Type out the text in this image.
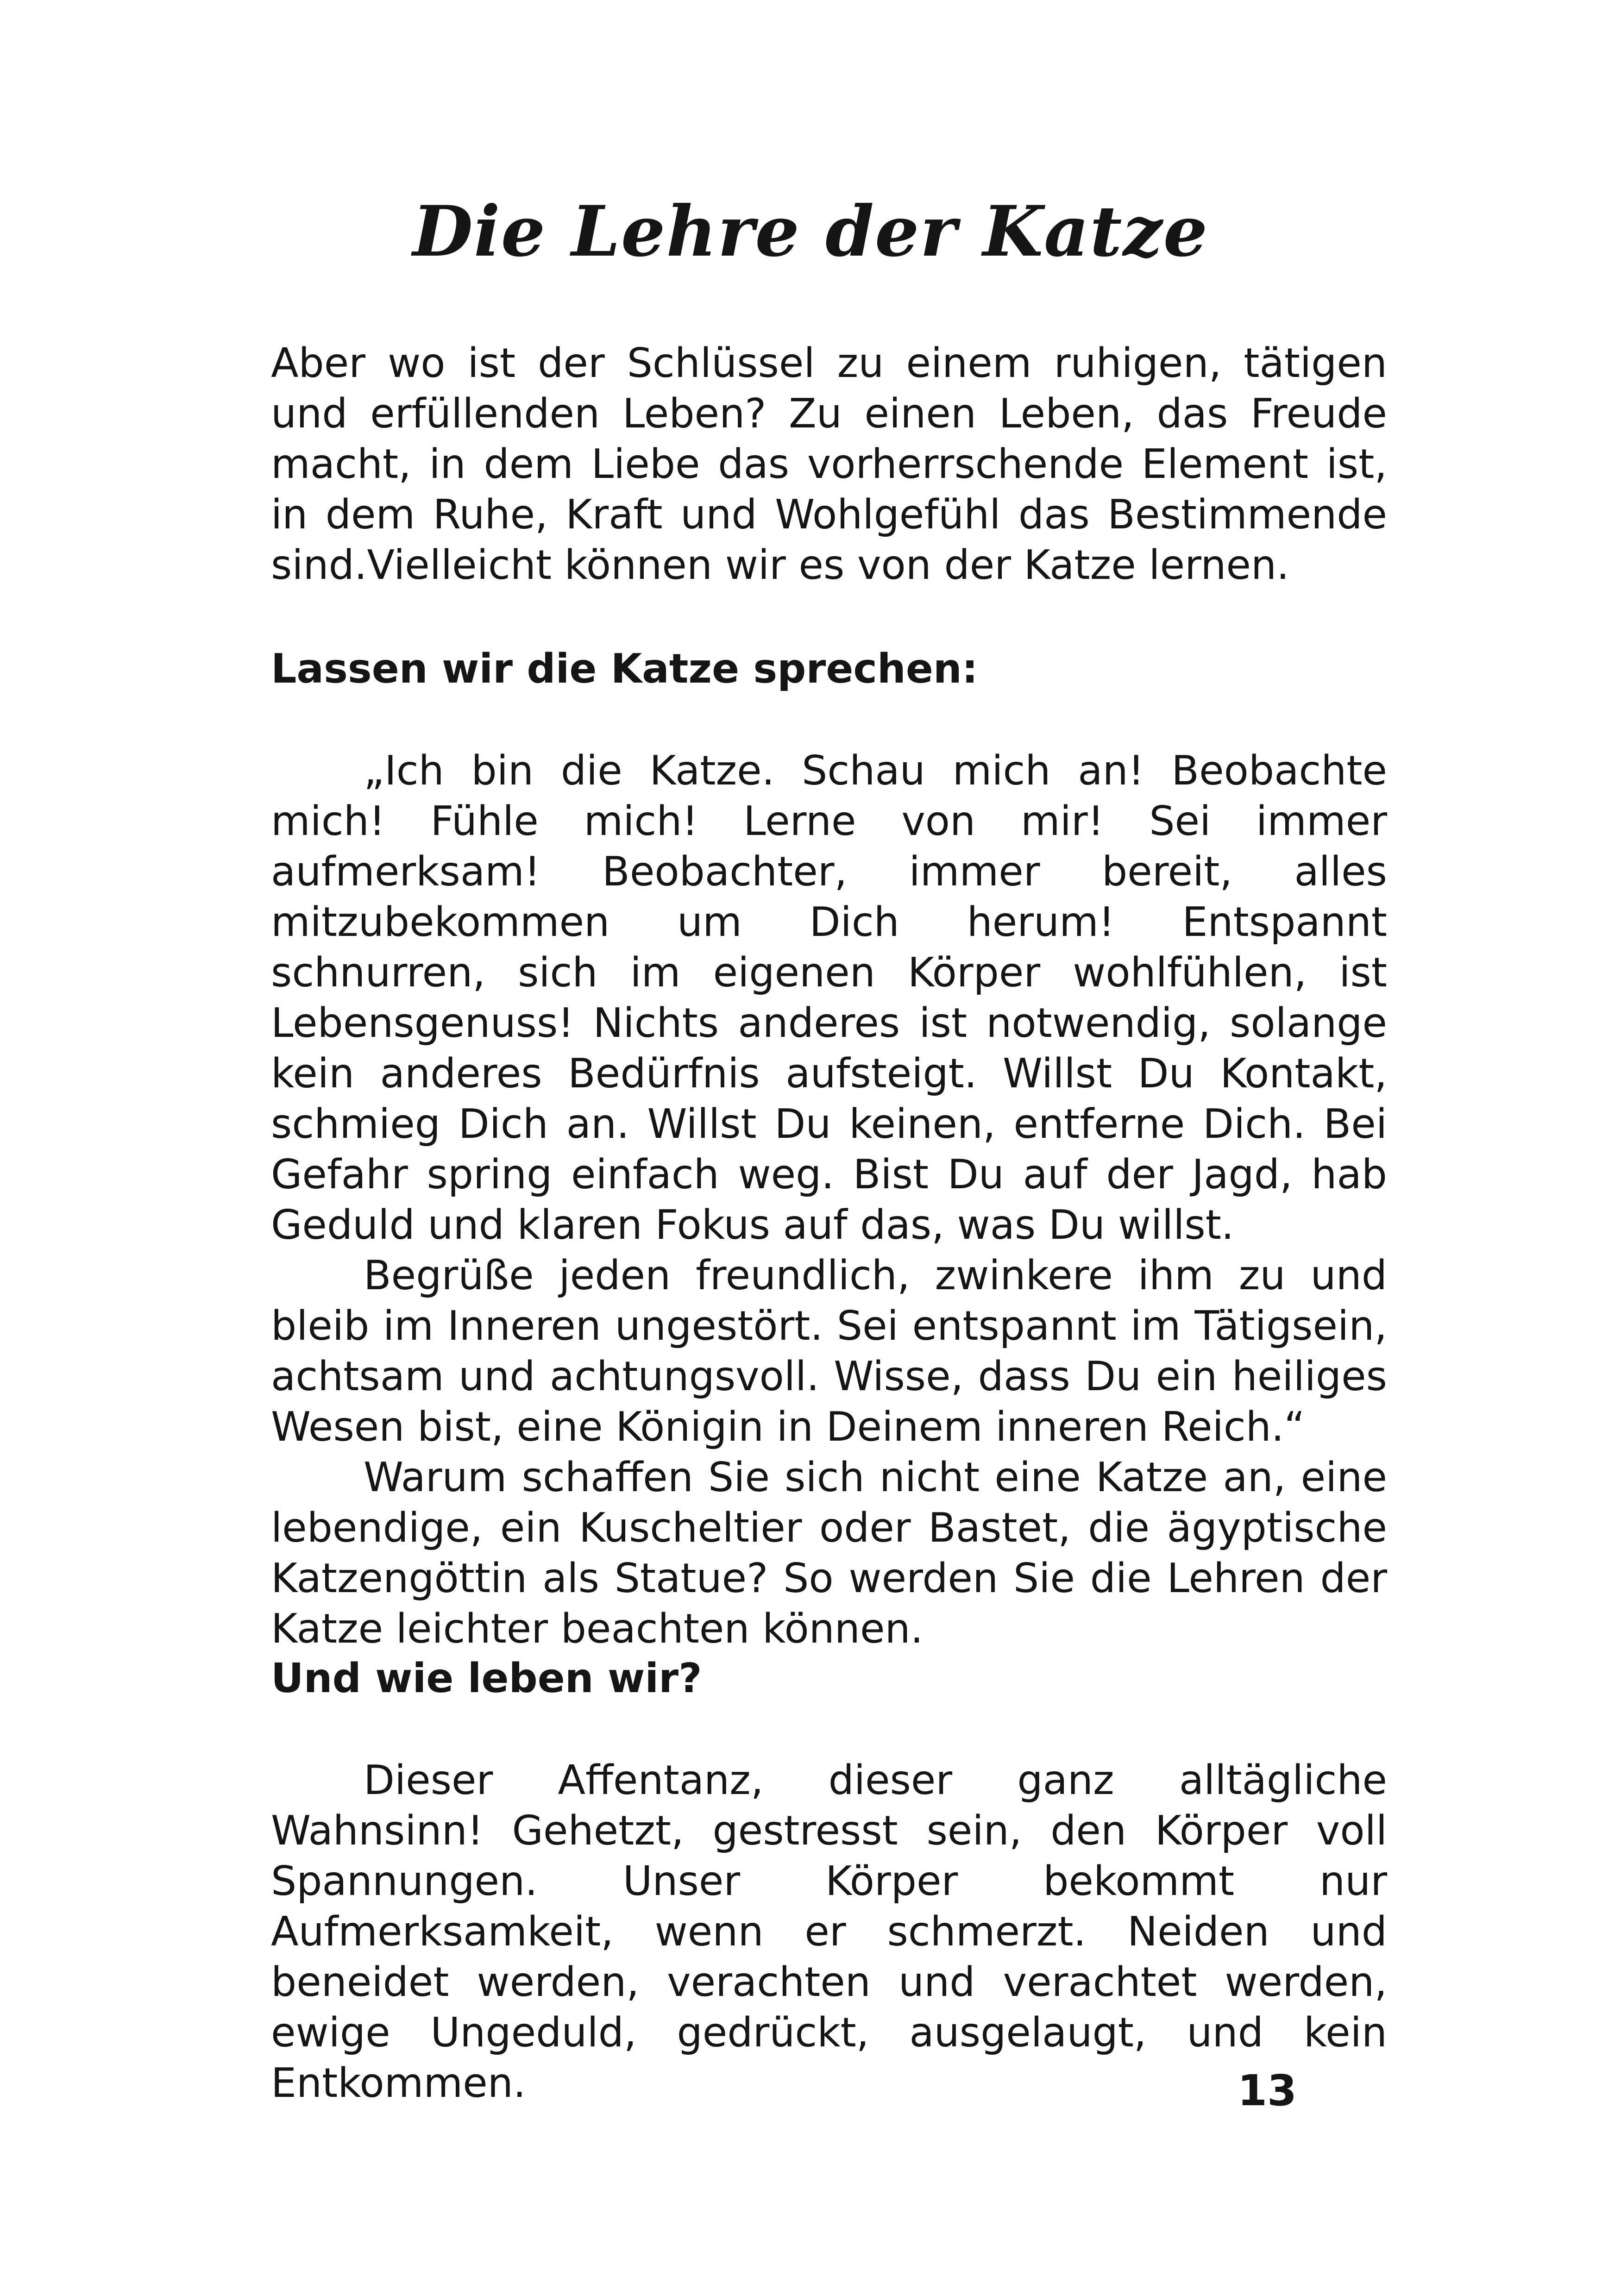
Die Lehre der Katze

Aber wo ist der Schlüssel zu einem ruhigen, tätigen und erfüllenden Leben? Zu einen Leben, das Freude macht, in dem Liebe das vorherrschende Element ist, in dem Ruhe, Kraft und Wohlgefühl das Bestimmende sind.Vielleicht können wir es von der Katze lernen.

Lassen wir die Katze sprechen:

„Ich bin die Katze. Schau mich an! Beobachte mich! Fühle mich! Lerne von mir! Sei immer aufmerksam! Beobachter, immer bereit, alles mitzubekommen um Dich herum! Entspannt schnurren, sich im eigenen Körper wohlfühlen, ist Lebensgenuss! Nichts anderes ist notwendig, solange kein anderes Bedürfnis aufsteigt. Willst Du Kontakt, schmieg Dich an. Willst Du keinen, entferne Dich. Bei Gefahr spring einfach weg. Bist Du auf der Jagd, hab Geduld und klaren Fokus auf das, was Du willst.

Begrüße jeden freundlich, zwinkere ihm zu und bleib im Inneren ungestört. Sei entspannt im Tätigsein, achtsam und achtungsvoll. Wisse, dass Du ein heiliges Wesen bist, eine Königin in Deinem inneren Reich.“

Warum schaffen Sie sich nicht eine Katze an, eine lebendige, ein Kuscheltier oder Bastet, die ägyptische Katzengöttin als Statue? So werden Sie die Lehren der Katze leichter beachten können.

Und wie leben wir?

Dieser Affentanz, dieser ganz alltägliche Wahnsinn! Gehetzt, gestresst sein, den Körper voll Spannungen. Unser Körper bekommt nur Aufmerksamkeit, wenn er schmerzt. Neiden und beneidet werden, verachten und verachtet werden, ewige Ungeduld, gedrückt, ausgelaugt, und kein Entkommen.	13
